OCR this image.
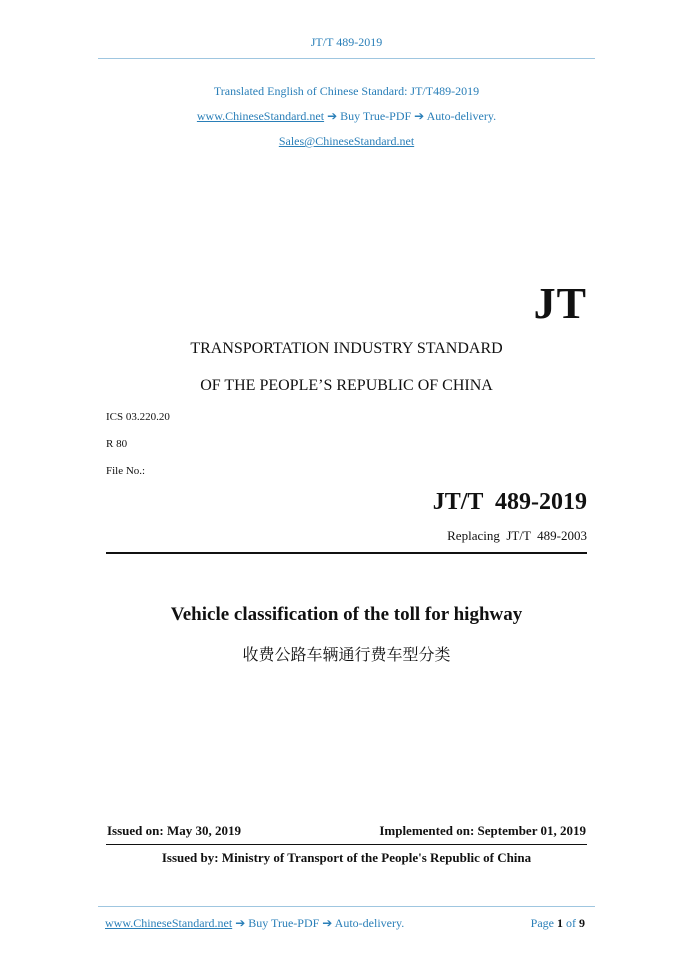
JT/T 489-2019
Translated English of Chinese Standard: JT/T489-2019
www.ChineseStandard.net ➔ Buy True-PDF ➔ Auto-delivery.
Sales@ChineseStandard.net
JT
TRANSPORTATION INDUSTRY STANDARD
OF THE PEOPLE’S REPUBLIC OF CHINA
ICS 03.220.20
R 80
File No.:
JT/T  489-2019
Replacing  JT/T  489-2003
Vehicle classification of the toll for highway
收费公路车辆通行费车型分类
Issued on: May 30, 2019	Implemented on: September 01, 2019
Issued by: Ministry of Transport of the People's Republic of China
www.ChineseStandard.net ➔ Buy True-PDF ➔ Auto-delivery.	Page 1 of 9
